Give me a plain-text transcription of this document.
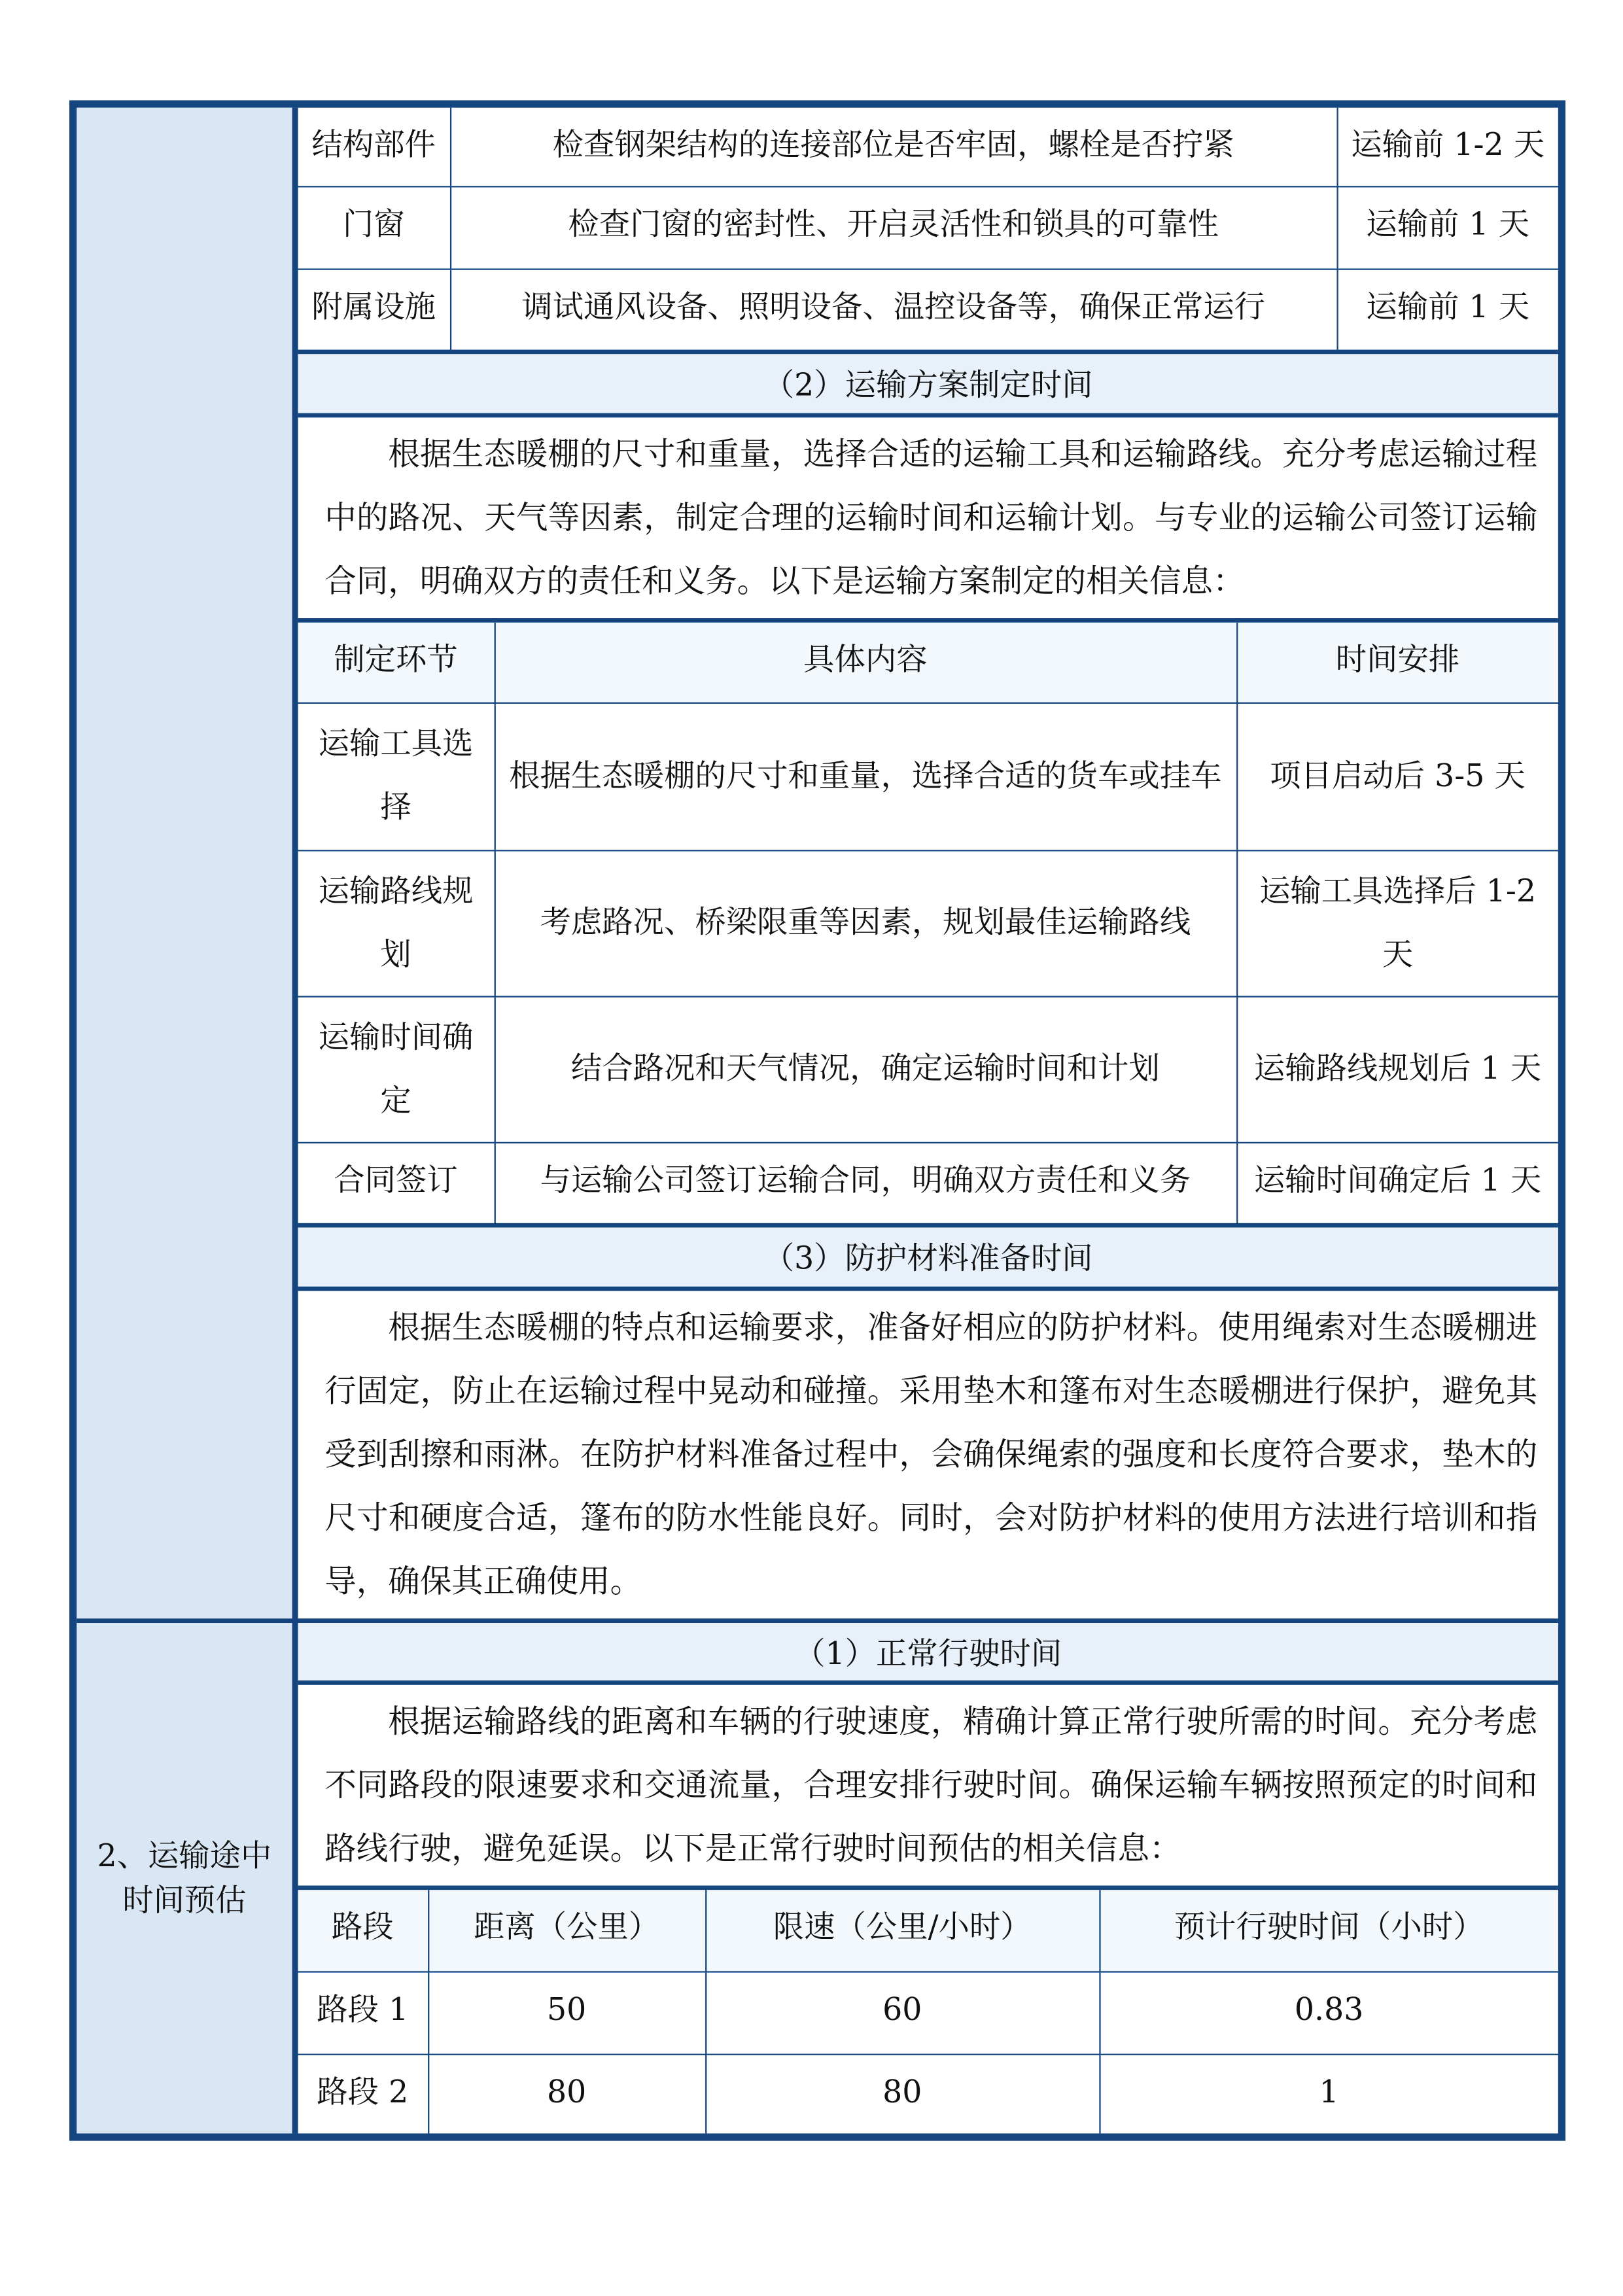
2、运输途中时间预估
结构部件	检查钢架结构的连接部位是否牢固，螺栓是否拧紧	运输前 1-2 天
门窗	检查门窗的密封性、开启灵活性和锁具的可靠性	运输前 1 天
附属设施	调试通风设备、照明设备、温控设备等，确保正常运行	运输前 1 天
（2）运输方案制定时间
根据生态暖棚的尺寸和重量，选择合适的运输工具和运输路线。充分考虑运输过程中的路况、天气等因素，制定合理的运输时间和运输计划。与专业的运输公司签订运输合同，明确双方的责任和义务。以下是运输方案制定的相关信息：
制定环节	具体内容	时间安排
运输工具选择	根据生态暖棚的尺寸和重量，选择合适的货车或挂车	项目启动后 3-5 天
运输路线规划	考虑路况、桥梁限重等因素，规划最佳运输路线	运输工具选择后 1-2 天
运输时间确定	结合路况和天气情况，确定运输时间和计划	运输路线规划后 1 天
合同签订	与运输公司签订运输合同，明确双方责任和义务	运输时间确定后 1 天
（3）防护材料准备时间
根据生态暖棚的特点和运输要求，准备好相应的防护材料。使用绳索对生态暖棚进行固定，防止在运输过程中晃动和碰撞。采用垫木和篷布对生态暖棚进行保护，避免其受到刮擦和雨淋。在防护材料准备过程中，会确保绳索的强度和长度符合要求，垫木的尺寸和硬度合适，篷布的防水性能良好。同时，会对防护材料的使用方法进行培训和指导，确保其正确使用。
（1）正常行驶时间
根据运输路线的距离和车辆的行驶速度，精确计算正常行驶所需的时间。充分考虑不同路段的限速要求和交通流量，合理安排行驶时间。确保运输车辆按照预定的时间和路线行驶，避免延误。以下是正常行驶时间预估的相关信息：
路段	距离（公里）	限速（公里/小时）	预计行驶时间（小时）
路段 1	50	60	0.83
路段 2	80	80	1
